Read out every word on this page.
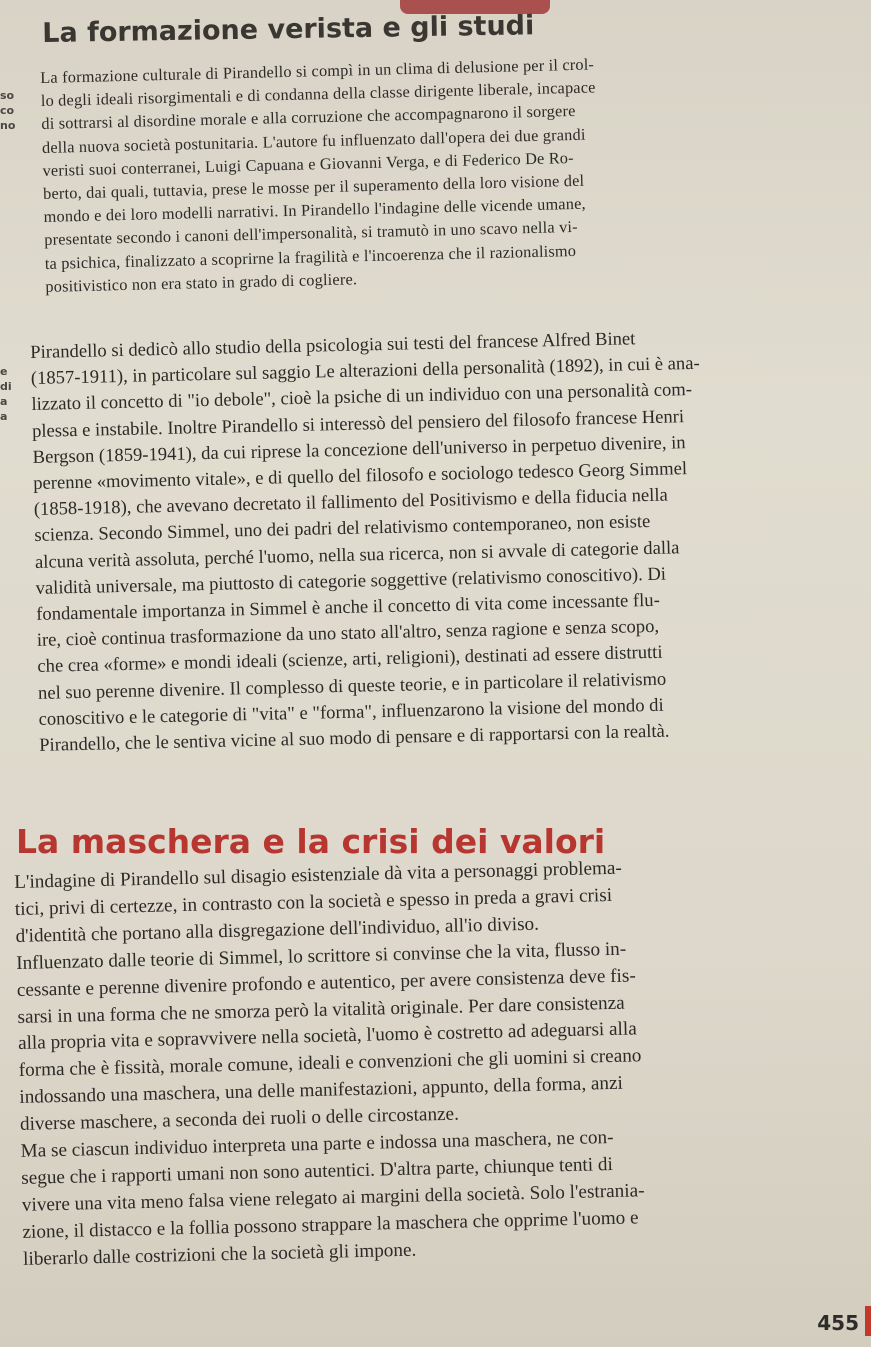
La formazione verista e gli studi
so
co
no

La formazione culturale di Pirandello si compì in un clima di delusione per il crol-

lo degli ideali risorgimentali e di condanna della classe dirigente liberale, incapace

di sottrarsi al disordine morale e alla corruzione che accompagnarono il sorgere

della nuova società postunitaria. L'autore fu influenzato dall'opera dei due grandi

veristi suoi conterranei, Luigi Capuana e Giovanni Verga, e di Federico De Ro-

berto, dai quali, tuttavia, prese le mosse per il superamento della loro visione del

mondo e dei loro modelli narrativi. In Pirandello l'indagine delle vicende umane,

presentate secondo i canoni dell'impersonalità, si tramutò in uno scavo nella vi-

ta psichica, finalizzato a scoprirne la fragilità e l'incoerenza che il razionalismo

positivistico non era stato in grado di cogliere.

e
di
a
a

Pirandello si dedicò allo studio della psicologia sui testi del francese Alfred Binet

(1857-1911), in particolare sul saggio Le alterazioni della personalità (1892), in cui è ana-

lizzato il concetto di "io debole", cioè la psiche di un individuo con una personalità com-

plessa e instabile. Inoltre Pirandello si interessò del pensiero del filosofo francese Henri

Bergson (1859-1941), da cui riprese la concezione dell'universo in perpetuo divenire, in

perenne «movimento vitale», e di quello del filosofo e sociologo tedesco Georg Simmel

(1858-1918), che avevano decretato il fallimento del Positivismo e della fiducia nella

scienza. Secondo Simmel, uno dei padri del relativismo contemporaneo, non esiste

alcuna verità assoluta, perché l'uomo, nella sua ricerca, non si avvale di categorie dalla

validità universale, ma piuttosto di categorie soggettive (relativismo conoscitivo). Di

fondamentale importanza in Simmel è anche il concetto di vita come incessante flu-

ire, cioè continua trasformazione da uno stato all'altro, senza ragione e senza scopo,

che crea «forme» e mondi ideali (scienze, arti, religioni), destinati ad essere distrutti

nel suo perenne divenire. Il complesso di queste teorie, e in particolare il relativismo

conoscitivo e le categorie di "vita" e "forma", influenzarono la visione del mondo di

Pirandello, che le sentiva vicine al suo modo di pensare e di rapportarsi con la realtà.

La maschera e la crisi dei valori

L'indagine di Pirandello sul disagio esistenziale dà vita a personaggi problema-

tici, privi di certezze, in contrasto con la società e spesso in preda a gravi crisi

d'identità che portano alla disgregazione dell'individuo, all'io diviso.

Influenzato dalle teorie di Simmel, lo scrittore si convinse che la vita, flusso in-

cessante e perenne divenire profondo e autentico, per avere consistenza deve fis-

sarsi in una forma che ne smorza però la vitalità originale. Per dare consistenza

alla propria vita e sopravvivere nella società, l'uomo è costretto ad adeguarsi alla

forma che è fissità, morale comune, ideali e convenzioni che gli uomini si creano

indossando una maschera, una delle manifestazioni, appunto, della forma, anzi

diverse maschere, a seconda dei ruoli o delle circostanze.

Ma se ciascun individuo interpreta una parte e indossa una maschera, ne con-

segue che i rapporti umani non sono autentici. D'altra parte, chiunque tenti di

vivere una vita meno falsa viene relegato ai margini della società. Solo l'estrania-

zione, il distacco e la follia possono strappare la maschera che opprime l'uomo e

liberarlo dalle costrizioni che la società gli impone.

455
